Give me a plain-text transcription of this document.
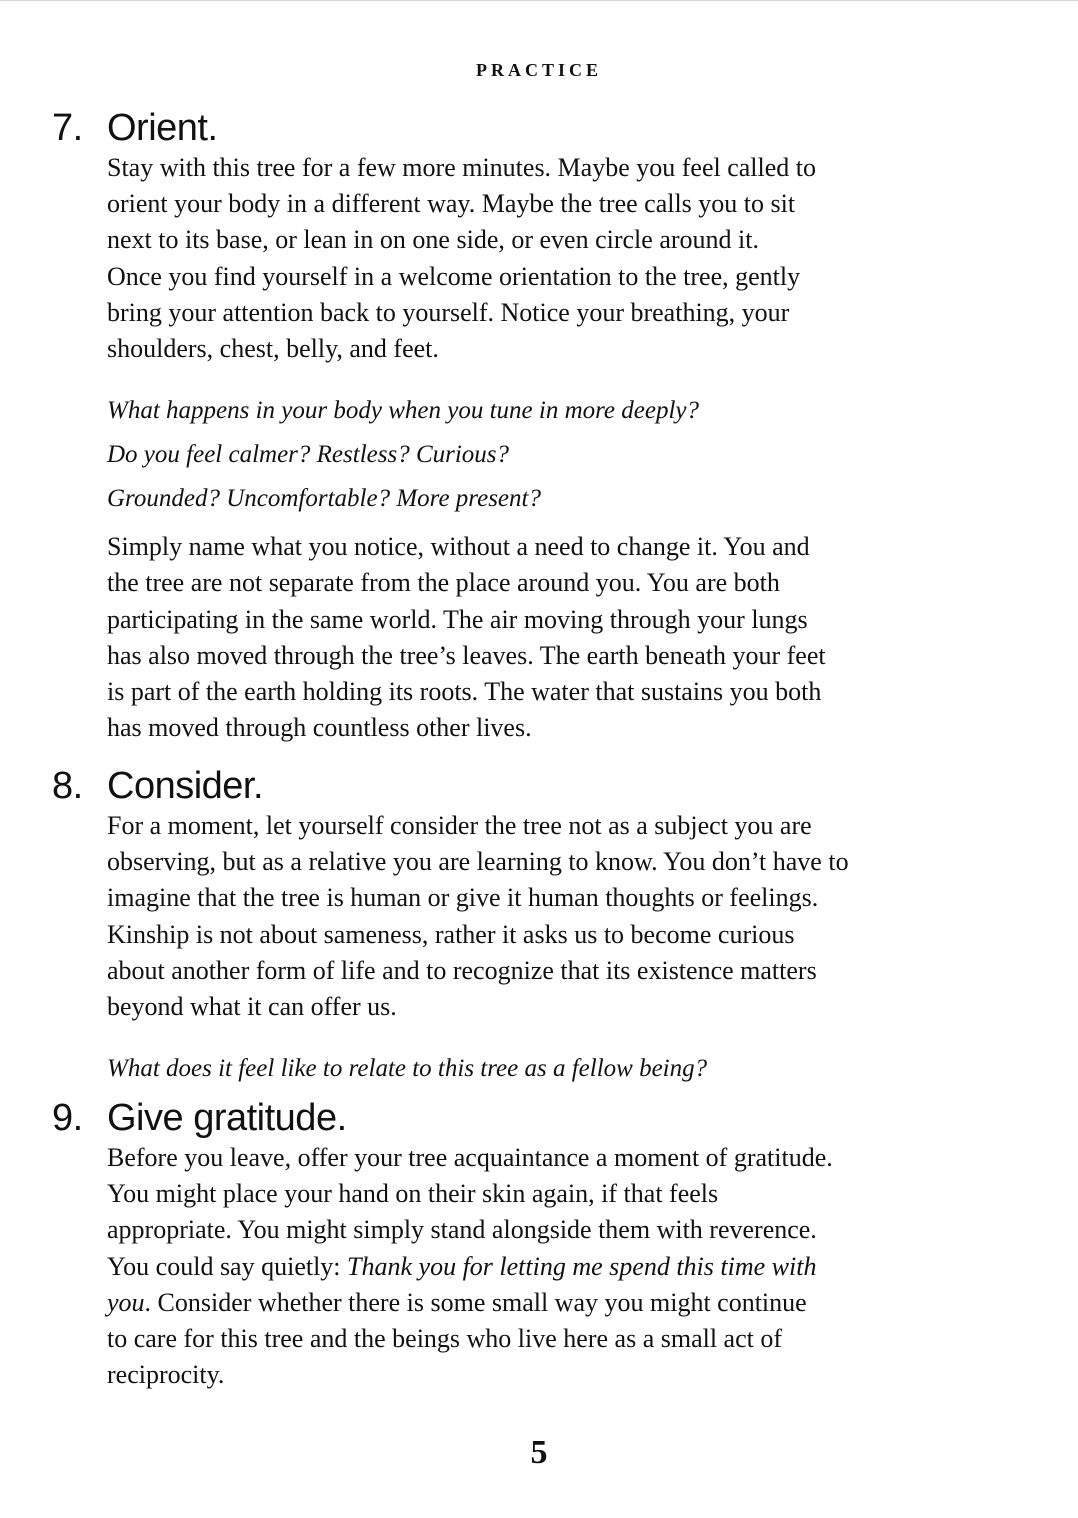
PRACTICE
7. Orient.
Stay with this tree for a few more minutes. Maybe you feel called to
orient your body in a different way. Maybe the tree calls you to sit
next to its base, or lean in on one side, or even circle around it.
Once you find yourself in a welcome orientation to the tree, gently
bring your attention back to yourself. Notice your breathing, your
shoulders, chest, belly, and feet.
What happens in your body when you tune in more deeply?
Do you feel calmer? Restless? Curious?
Grounded? Uncomfortable? More present?
Simply name what you notice, without a need to change it. You and
the tree are not separate from the place around you. You are both
participating in the same world. The air moving through your lungs
has also moved through the tree’s leaves. The earth beneath your feet
is part of the earth holding its roots. The water that sustains you both
has moved through countless other lives.
8. Consider.
For a moment, let yourself consider the tree not as a subject you are
observing, but as a relative you are learning to know. You don’t have to
imagine that the tree is human or give it human thoughts or feelings.
Kinship is not about sameness, rather it asks us to become curious
about another form of life and to recognize that its existence matters
beyond what it can offer us.
What does it feel like to relate to this tree as a fellow being?
9. Give gratitude.
Before you leave, offer your tree acquaintance a moment of gratitude.
You might place your hand on their skin again, if that feels
appropriate. You might simply stand alongside them with reverence.
You could say quietly: Thank you for letting me spend this time with
you. Consider whether there is some small way you might continue
to care for this tree and the beings who live here as a small act of
reciprocity.
5
